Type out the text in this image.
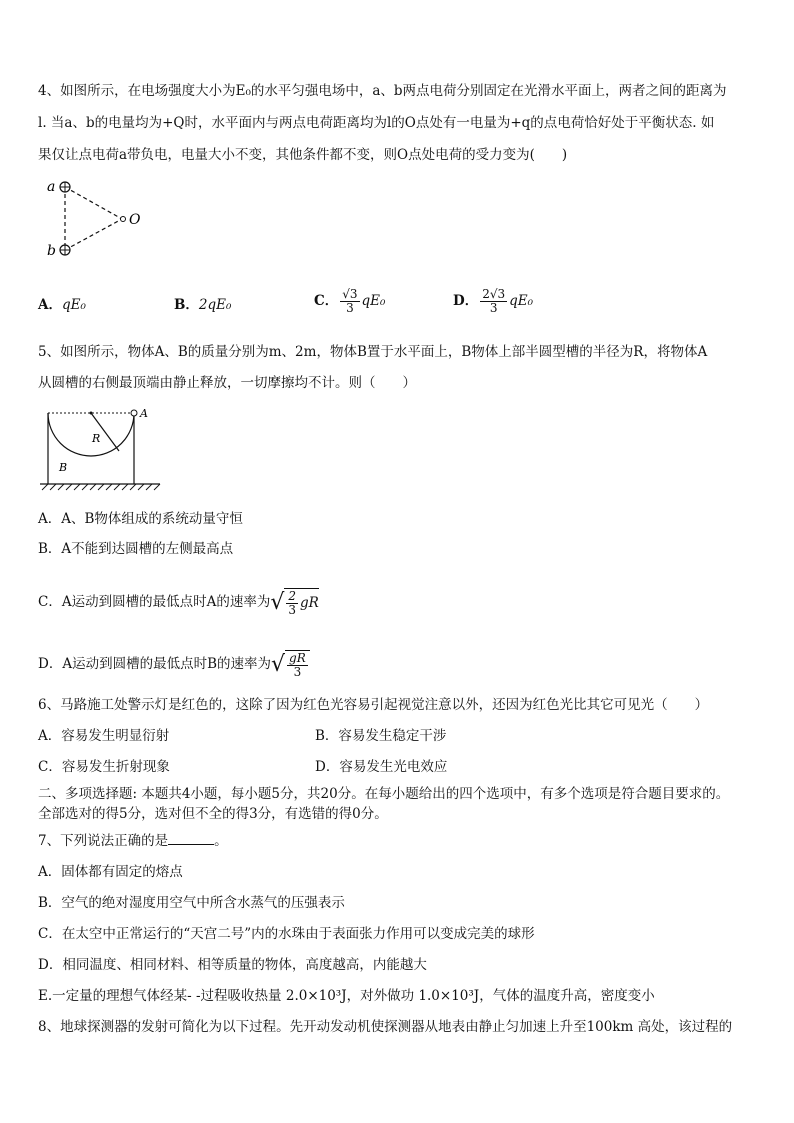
4、如图所示，在电场强度大小为E₀的水平匀强电场中，a、b两点电荷分别固定在光滑水平面上，两者之间的距离为
l. 当a、b的电量均为+Q时，水平面内与两点电荷距离均为l的O点处有一电量为+q的点电荷恰好处于平衡状态. 如
果仅让点电荷a带负电，电量大小不变，其他条件都不变，则O点处电荷的受力变为(　　)
a
b
O
A．qE₀	B．2qE₀	C． $\frac{√3}{3} qE_0$	D． $\frac{2√3}{3} qE_0$
5、如图所示，物体A、B的质量分别为m、2m，物体B置于水平面上，B物体上部半圆型槽的半径为R，将物体A
从圆槽的右侧最顶端由静止释放，一切摩擦均不计。则（　　）
A
R
B
A．A、B物体组成的系统动量守恒
B．A不能到达圆槽的左侧最高点
C．A运动到圆槽的最低点时A的速率为√ $\frac{2}{3}$ gR
D．A运动到圆槽的最低点时B的速率为√ $\frac{gR}{3}$
6、马路施工处警示灯是红色的，这除了因为红色光容易引起视觉注意以外，还因为红色光比其它可见光（　　）
A．容易发生明显衍射	B．容易发生稳定干涉
C．容易发生折射现象	D．容易发生光电效应
二、多项选择题: 本题共4小题，每小题5分，共20分。在每小题给出的四个选项中，有多个选项是符合题目要求的。
全部选对的得5分，选对但不全的得3分，有选错的得0分。
7、下列说法正确的是	。
A．固体都有固定的熔点
B．空气的绝对湿度用空气中所含水蒸气的压强表示
C．在太空中正常运行的“天宫二号”内的水珠由于表面张力作用可以变成完美的球形
D．相同温度、相同材料、相等质量的物体，高度越高，内能越大
E.一定量的理想气体经某- -过程吸收热量 2.0×10³J，对外做功 1.0×10³J，气体的温度升高，密度变小
8、地球探测器的发射可简化为以下过程。先开动发动机使探测器从地表由静止匀加速上升至100km 高处，该过程的
